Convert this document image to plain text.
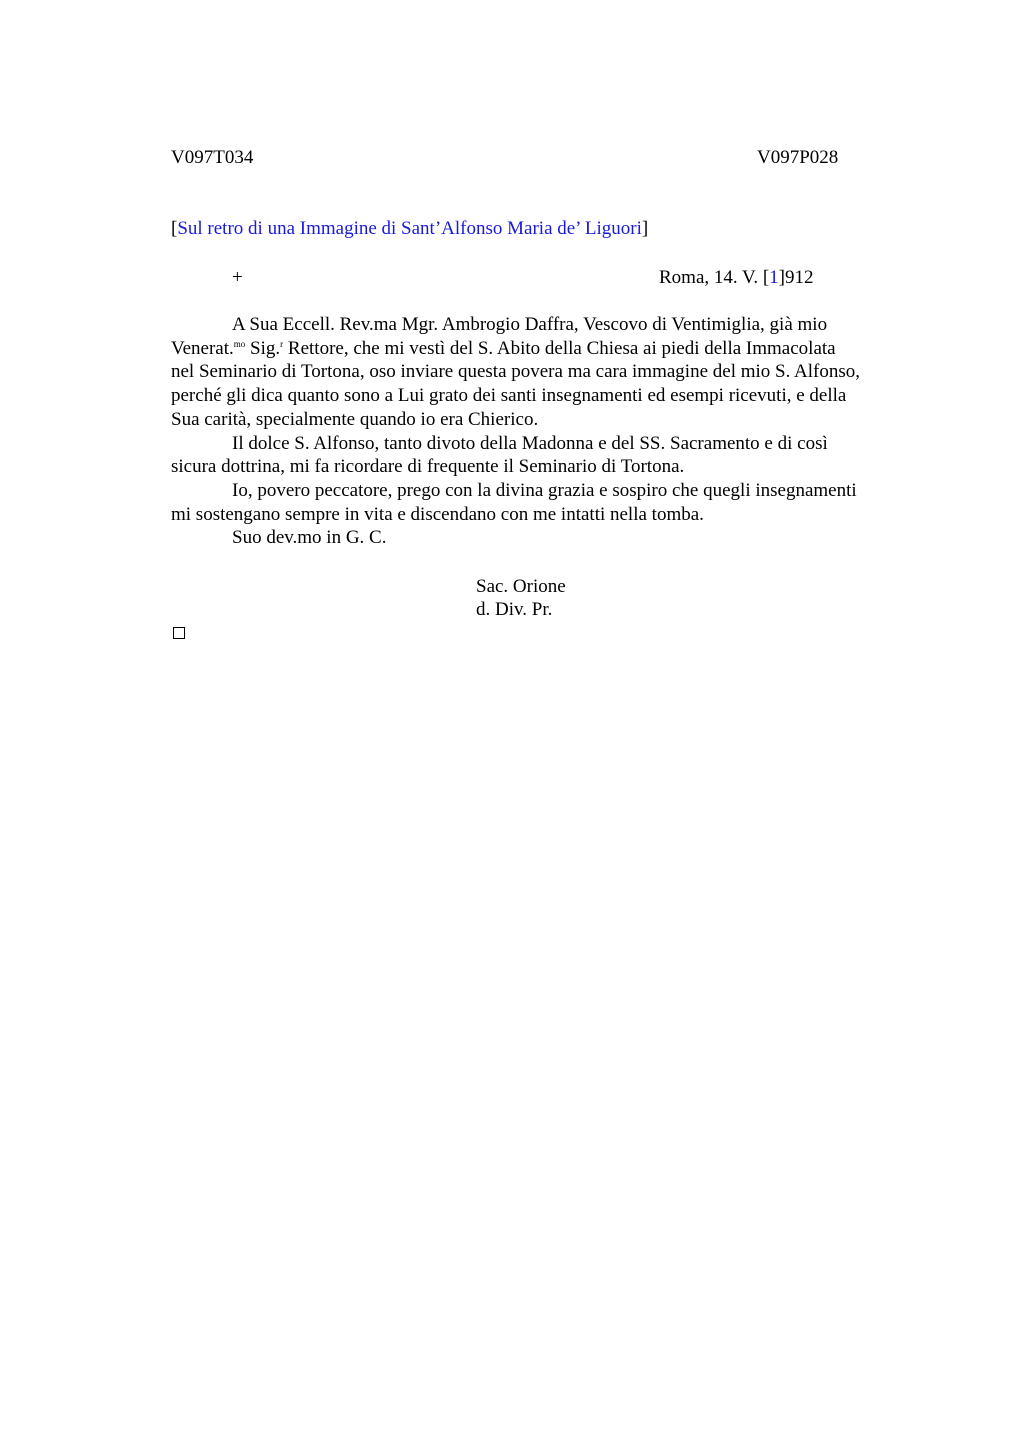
V097T034	V097P028
[Sul retro di una Immagine di Sant’Alfonso Maria de’ Liguori]
+	Roma, 14. V. [1]912
A Sua Eccell. Rev.ma Mgr. Ambrogio Daffra, Vescovo di Ventimiglia, già mio
Venerat.$^{mo}$ Sig.$^r$ Rettore, che mi vestì del S. Abito della Chiesa ai piedi della Immacolata
nel Seminario di Tortona, oso inviare questa povera ma cara immagine del mio S. Alfonso,
perché gli dica quanto sono a Lui grato dei santi insegnamenti ed esempi ricevuti, e della
Sua carità, specialmente quando io era Chierico.
Il dolce S. Alfonso, tanto divoto della Madonna e del SS. Sacramento e di così
sicura dottrina, mi fa ricordare di frequente il Seminario di Tortona.
Io, povero peccatore, prego con la divina grazia e sospiro che quegli insegnamenti
mi sostengano sempre in vita e discendano con me intatti nella tomba.
Suo dev.mo in G. C.
Sac. Orione
d. Div. Pr.
